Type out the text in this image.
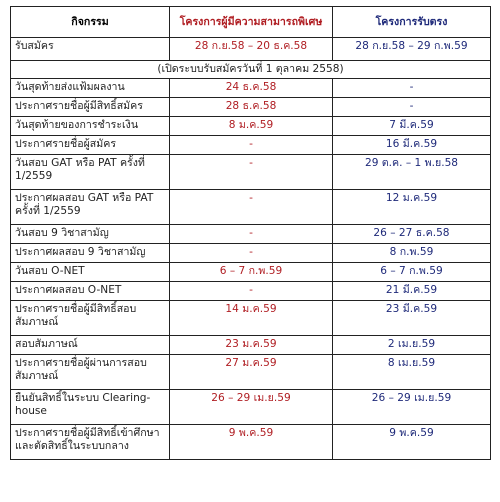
กิจกรรม	โครงการผู้มีความสามารถพิเศษ	โครงการรับตรง
รับสมัคร	28 ก.ย.58 – 20 ธ.ค.58	28 ก.ย.58 – 29 ก.พ.59
(เปิดระบบรับสมัครวันที่ 1 ตุลาคม 2558)		
วันสุดท้ายส่งแฟ้มผลงาน	24 ธ.ค.58	-
ประกาศรายชื่อผู้มีสิทธิ์สมัคร	28 ธ.ค.58	-
วันสุดท้ายของการชำระเงิน	8 ม.ค.59	7 มี.ค.59
ประกาศรายชื่อผู้สมัคร	-	16 มี.ค.59
วันสอบ GAT หรือ PAT ครั้งที่ 1/2559	-	29 ต.ค. – 1 พ.ย.58
ประกาศผลสอบ GAT หรือ PAT ครั้งที่ 1/2559	-	12 ม.ค.59
วันสอบ 9 วิชาสามัญ	-	26 – 27 ธ.ค.58
ประกาศผลสอบ 9 วิชาสามัญ	-	8 ก.พ.59
วันสอบ O-NET	6 – 7 ก.พ.59	6 – 7 ก.พ.59
ประกาศผลสอบ O-NET	-	21 มี.ค.59
ประกาศรายชื่อผู้มีสิทธิ์สอบสัมภาษณ์	14 ม.ค.59	23 มี.ค.59
สอบสัมภาษณ์	23 ม.ค.59	2 เม.ย.59
ประกาศรายชื่อผู้ผ่านการสอบสัมภาษณ์	27 ม.ค.59	8 เม.ย.59
ยืนยันสิทธิ์ในระบบ Clearing-house	26 – 29 เม.ย.59	26 – 29 เม.ย.59
ประกาศรายชื่อผู้มีสิทธิ์เข้าศึกษาและตัดสิทธิ์ในระบบกลาง	9 พ.ค.59	9 พ.ค.59
